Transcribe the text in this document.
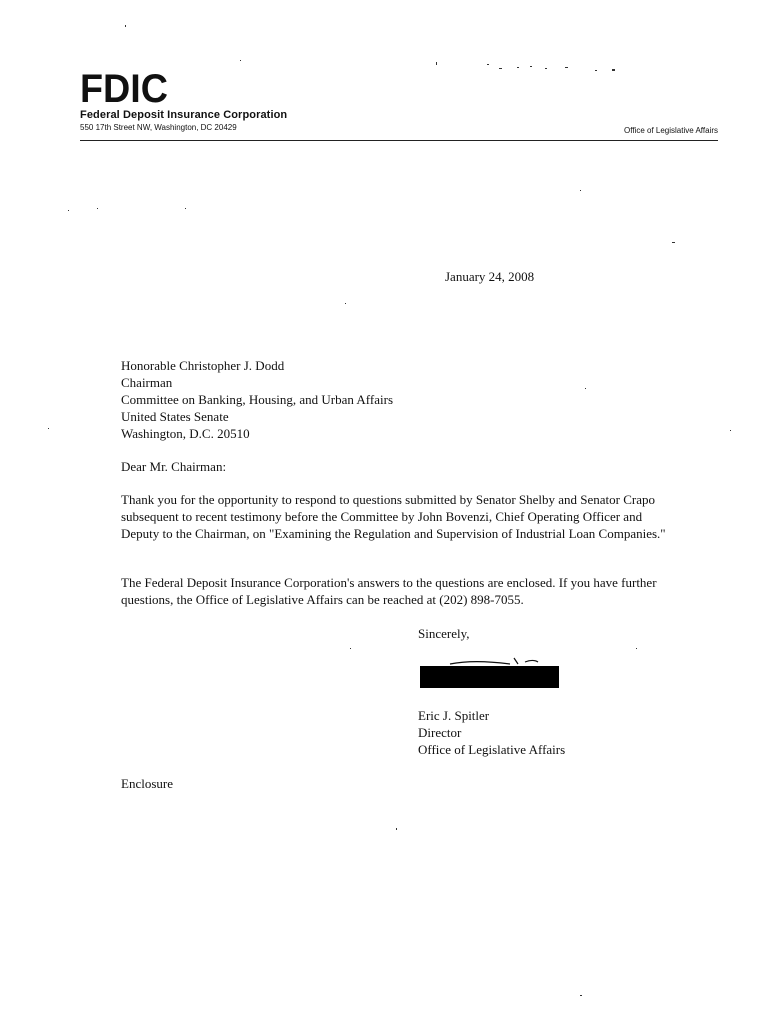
FDIC
Federal Deposit Insurance Corporation
550 17th Street NW, Washington, DC 20429	Office of Legislative Affairs
January 24, 2008
Honorable Christopher J. Dodd
Chairman
Committee on Banking, Housing, and Urban Affairs
United States Senate
Washington, D.C. 20510
Dear Mr. Chairman:
Thank you for the opportunity to respond to questions submitted by Senator Shelby and Senator Crapo subsequent to recent testimony before the Committee by John Bovenzi, Chief Operating Officer and Deputy to the Chairman, on "Examining the Regulation and Supervision of Industrial Loan Companies."
The Federal Deposit Insurance Corporation's answers to the questions are enclosed. If you have further questions, the Office of Legislative Affairs can be reached at (202) 898-7055.
Sincerely,
Eric J. Spitler
Director
Office of Legislative Affairs
Enclosure
